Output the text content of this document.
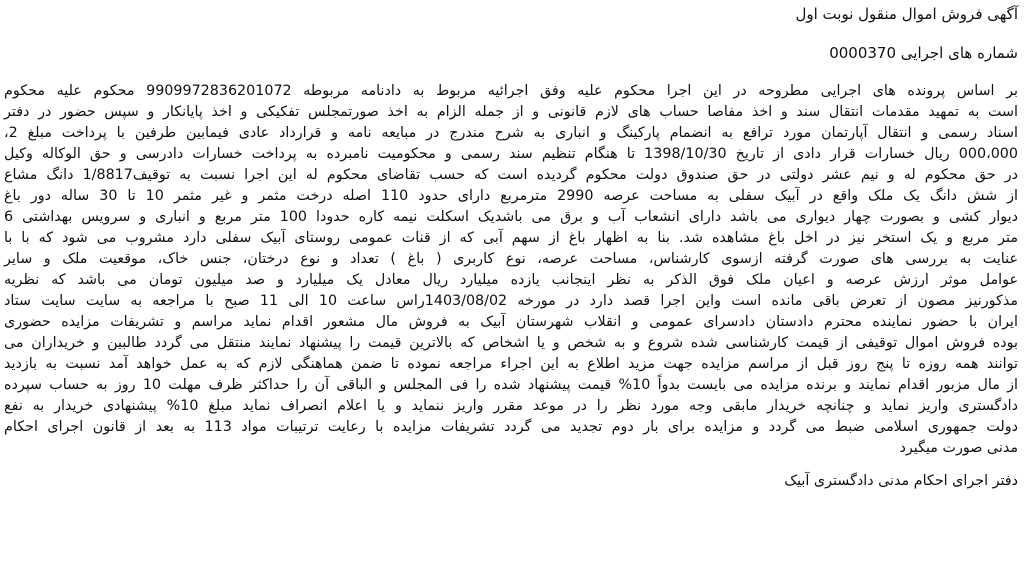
آگهی فروش اموال منقول نوبت اول
شماره های اجرایی 0000370
بر اساس پرونده های اجرایی مطروحه در این اجرا محکوم علیه وفق اجرائیه مربوط به دادنامه مربوطه 9909972836201072 محکوم علیه محکوم
است به تمهید مقدمات انتقال سند و اخذ مفاصا حساب های لازم قانونی و از جمله الزام به اخذ صورتمجلس تفکیکی و اخذ پایانکار و سپس حضور در دفتر
اسناد رسمی و انتقال آپارتمان مورد ترافع به انضمام پارکینگ و انباری به شرح مندرج در مبایعه نامه و قرارداد عادی فیمابین طرفین با پرداخت مبلغ 2،
000،000 ریال خسارات قرار دادی از تاریخ 1398/10/30 تا هنگام تنظیم سند رسمی و محکومیت نامبرده به پرداخت خسارات دادرسی و حق الوکاله وکیل
در حق محکوم له و نیم عشر دولتی در حق صندوق دولت محکوم گردیده است که حسب تقاضای محکوم له این اجرا نسبت به توقیف1/8817 دانگ مشاع
از شش دانگ یک ملک واقع در آبیک سفلی به مساحت عرصه 2990 مترمربع دارای حدود 110 اصله درخت مثمر و غیر مثمر 10 تا 30 ساله دور باغ
دیوار کشی و بصورت چهار دیواری می باشد دارای انشعاب آب و برق می باشدیک اسکلت نیمه کاره حدودا 100 متر مربع و انباری و سرویس بهداشتی 6
متر مربع و یک استخر نیز در اخل باغ مشاهده شد. بنا به اظهار باغ از سهم آبی که از قنات عمومی روستای آبیک سفلی دارد مشروب می شود که با با
عنایت به بررسی های صورت گرفته ازسوی کارشناس، مساحت عرصه، نوع کاربری ( باغ ) تعداد و نوع درختان، جنس خاک، موقعیت ملک و سایر
عوامل موثر ارزش عرصه و اعیان ملک فوق الذکر به نظر اینجانب یازده میلیارد ریال معادل یک میلیارد و صد میلیون تومان می باشد که نظریه
مذکورنیز مصون از تعرض باقی مانده است واین اجرا قصد دارد در مورخه 1403/08/02راس ساعت 10 الی 11 صبح با مراجعه به سایت سایت ستاد
ایران با حضور نماینده محترم دادستان دادسرای عمومی و انقلاب شهرستان آبیک به فروش مال مشعور اقدام نماید مراسم و تشریفات مزایده حضوری
بوده فروش اموال توقیفی از قیمت کارشناسی شده شروع و به شخص و یا اشخاص که بالاترین قیمت را پیشنهاد نمایند منتقل می گردد طالبین و خریداران می
توانند همه روزه تا پنج روز قبل از مراسم مزایده جهت مزید اطلاع به این اجراء مراجعه نموده تا ضمن هماهنگی لازم که به عمل خواهد آمد نسبت به بازدید
از مال مزبور اقدام نمایند و برنده مزایده می بایست بدواً 10% قیمت پیشنهاد شده را فی المجلس و الباقی آن را حداکثر ظرف مهلت 10 روز به حساب سپرده
دادگستری واریز نماید و چنانچه خریدار مابقی وجه مورد نظر را در موعد مقرر واریز ننماید و یا اعلام انصراف نماید مبلغ 10% پیشنهادی خریدار به نفع
دولت جمهوری اسلامی ضبط می گردد و مزایده برای بار دوم تجدید می گردد تشریفات مزایده با رعایت ترتیبات مواد 113 به بعد از قانون اجرای احکام
مدنی صورت میگیرد
دفتر اجرای احکام مدنی دادگستری آبیک
